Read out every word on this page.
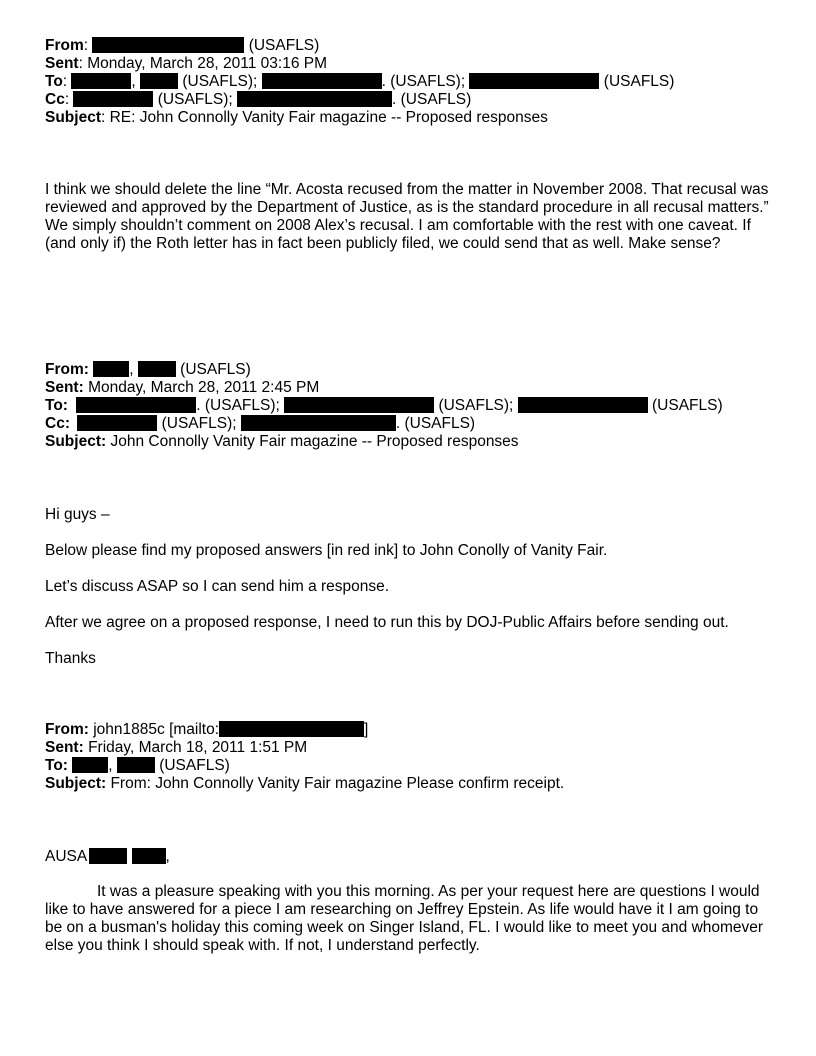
From:	(USAFLS)
Sent: Monday, March 28, 2011 03:16 PM
To:	,	(USAFLS);	. (USAFLS);	(USAFLS)
Cc:	(USAFLS);	. (USAFLS)
Subject: RE: John Connolly Vanity Fair magazine -- Proposed responses

I think we should delete the line “Mr. Acosta recused from the matter in November 2008. That recusal was reviewed and approved by the Department of Justice, as is the standard procedure in all recusal matters.” We simply shouldn’t comment on 2008 Alex’s recusal. I am comfortable with the rest with one caveat. If (and only if) the Roth letter has in fact been publicly filed, we could send that as well. Make sense?

From:	,	(USAFLS)
Sent: Monday, March 28, 2011 2:45 PM
To:	. (USAFLS);	(USAFLS);	(USAFLS)
Cc:	(USAFLS);	. (USAFLS)
Subject: John Connolly Vanity Fair magazine -- Proposed responses

Hi guys –

Below please find my proposed answers [in red ink] to John Conolly of Vanity Fair.

Let’s discuss ASAP so I can send him a response.

After we agree on a proposed response, I need to run this by DOJ-Public Affairs before sending out.

Thanks

From: john1885c [mailto:	]
Sent: Friday, March 18, 2011 1:51 PM
To:	,	(USAFLS)
Subject: From: John Connolly Vanity Fair magazine Please confirm receipt.

AUSA	,

It was a pleasure speaking with you this morning. As per your request here are questions I would like to have answered for a piece I am researching on Jeffrey Epstein. As life would have it I am going to be on a busman's holiday this coming week on Singer Island, FL. I would like to meet you and whomever else you think I should speak with. If not, I understand perfectly.
